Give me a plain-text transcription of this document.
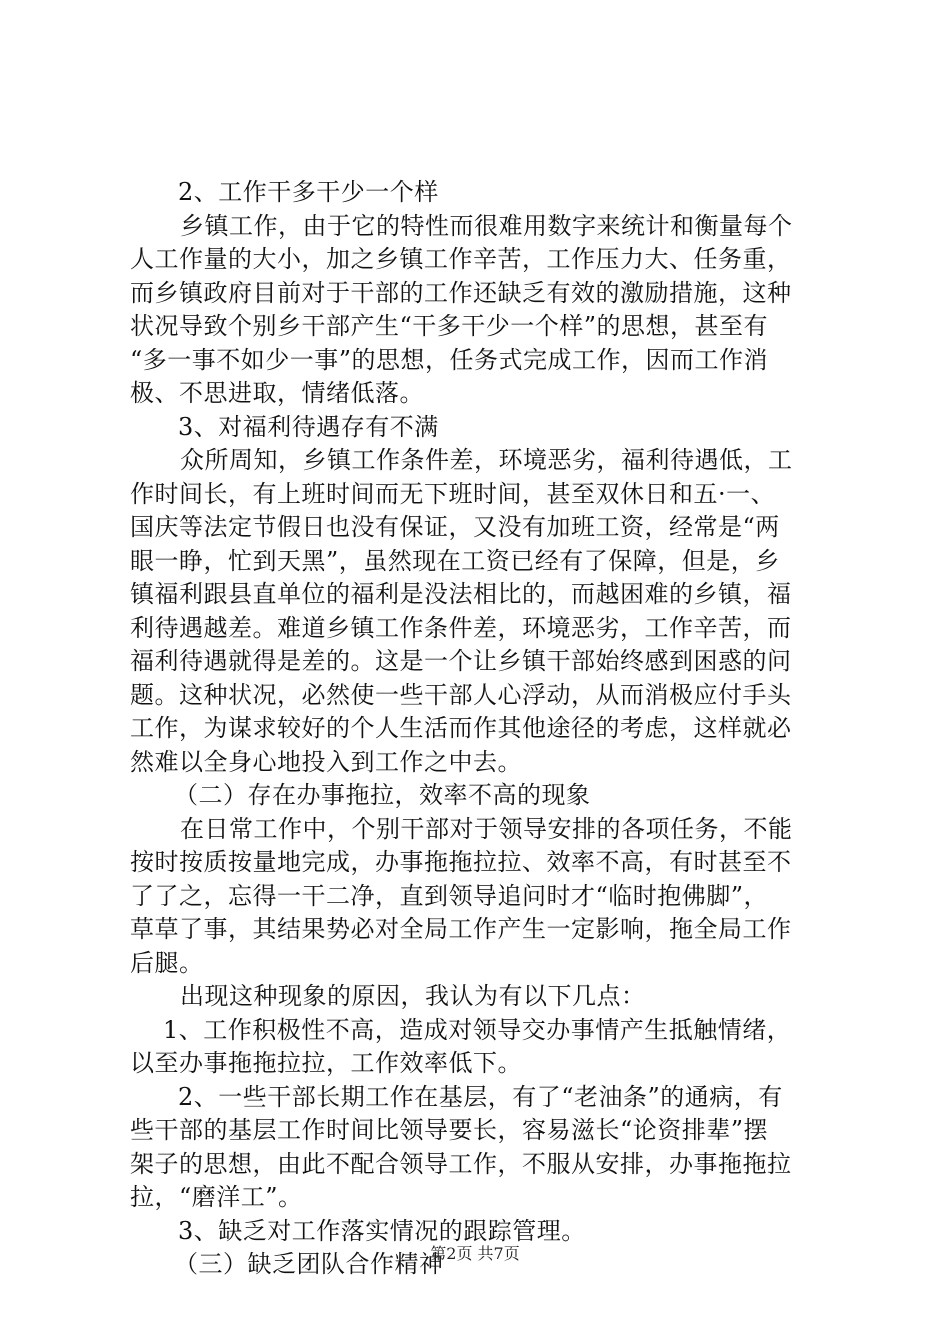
2、工作干多干少一个样
乡镇工作，由于它的特性而很难用数字来统计和衡量每个
人工作量的大小，加之乡镇工作辛苦，工作压力大、任务重，
而乡镇政府目前对于干部的工作还缺乏有效的激励措施，这种
状况导致个别乡干部产生“干多干少一个样”的思想，甚至有
“多一事不如少一事”的思想，任务式完成工作，因而工作消
极、不思进取，情绪低落。
3、对福利待遇存有不满
众所周知，乡镇工作条件差，环境恶劣，福利待遇低，工
作时间长，有上班时间而无下班时间，甚至双休日和五·一、
国庆等法定节假日也没有保证，又没有加班工资，经常是“两
眼一睁，忙到天黑”，虽然现在工资已经有了保障，但是，乡
镇福利跟县直单位的福利是没法相比的，而越困难的乡镇，福
利待遇越差。难道乡镇工作条件差，环境恶劣，工作辛苦，而
福利待遇就得是差的。这是一个让乡镇干部始终感到困惑的问
题。这种状况，必然使一些干部人心浮动，从而消极应付手头
工作，为谋求较好的个人生活而作其他途径的考虑，这样就必
然难以全身心地投入到工作之中去。
（二）存在办事拖拉，效率不高的现象
在日常工作中，个别干部对于领导安排的各项任务，不能
按时按质按量地完成，办事拖拖拉拉、效率不高，有时甚至不
了了之，忘得一干二净，直到领导追问时才“临时抱佛脚”，
草草了事，其结果势必对全局工作产生一定影响，拖全局工作
后腿。
出现这种现象的原因，我认为有以下几点：
1、工作积极性不高，造成对领导交办事情产生抵触情绪，
以至办事拖拖拉拉，工作效率低下。
2、一些干部长期工作在基层，有了“老油条”的通病，有
些干部的基层工作时间比领导要长，容易滋长“论资排辈”摆
架子的思想，由此不配合领导工作，不服从安排，办事拖拖拉
拉，“磨洋工”。
3、缺乏对工作落实情况的跟踪管理。
（三）缺乏团队合作精神
第2页 共7页
